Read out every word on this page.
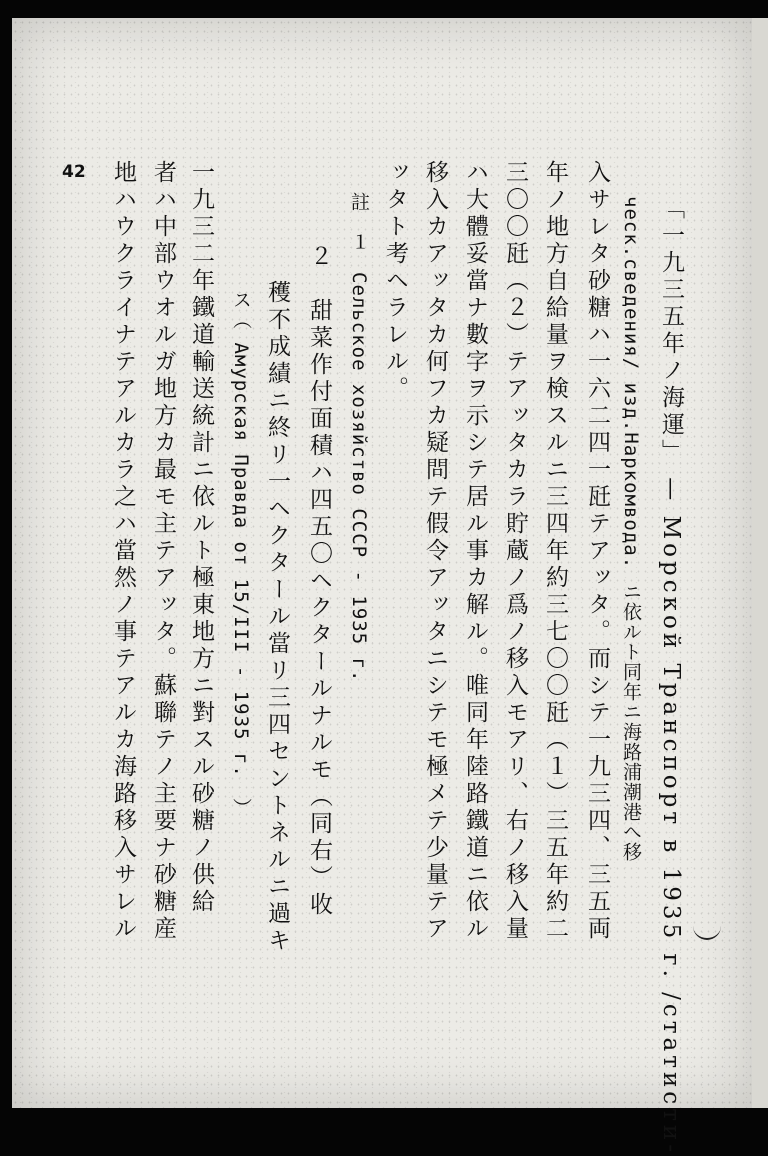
42
「一九三五年ノ海運」 — Морской Транспорт в 1935 г. /статисти-
ческ.сведения/ изд.Наркомвода. ニ依ルト同年ニ海路浦潮港へ移
入サレタ砂糖ハ一六二四一瓩テアッタ。而シテ一九三四、三五両
年ノ地方自給量ヲ検スルニ三四年約三七〇〇瓩（１）三五年約二
三〇〇瓩（２）テアッタカラ貯蔵ノ爲ノ移入モアリ、右ノ移入量
ハ大體妥當ナ數字ヲ示シテ居ル事カ解ル。唯同年陸路鐵道ニ依ル
移入カアッタカ何フカ疑問テ假令アッタニシテモ極メテ少量テア
ッタト考ヘラレル。
註　１　Сельское хозяйство СССР - 1935 г.
２　甜菜作付面積ハ四五〇ヘクタールナルモ（同右）收
穫不成績ニ終リ一ヘクタール當リ三四セントネルニ過キ
ス（ Амурская Правда от 15/III - 1935 г.　）
一九三二年鐵道輸送統計ニ依ルト極東地方ニ對スル砂糖ノ供給
者ハ中部ウオルガ地方カ最モ主テアッタ。蘇聯テノ主要ナ砂糖産
地ハウクライナテアルカラ之ハ當然ノ事テアルカ海路移入サレル
